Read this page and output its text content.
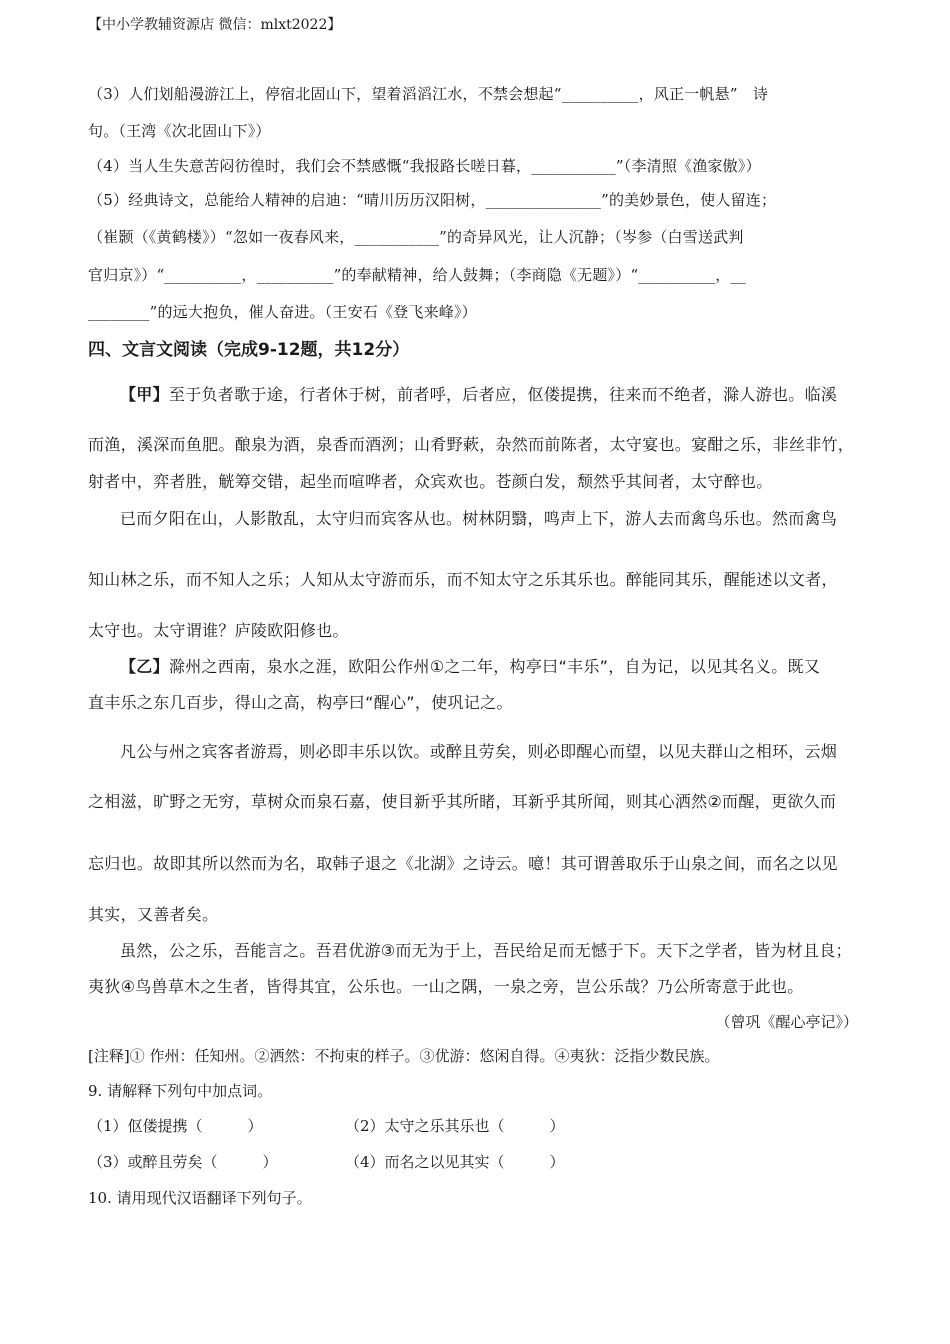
【中小学教辅资源店 微信：mlxt2022】

（3）人们划船漫游江上，停宿北固山下，望着滔滔江水，不禁会想起“__________，风正一帆悬”　诗

句。（王湾《次北固山下》）

（4）当人生失意苦闷彷徨时，我们会不禁感慨“我报路长嗟日暮，___________”（李清照《渔家傲》）

（5）经典诗文，总能给人精神的启迪：“晴川历历汉阳树，_______________”的美妙景色，使人留连；

（崔颢（《黄鹤楼》）“忽如一夜春风来，___________”的奇异风光，让人沉静；（岑参（白雪送武判

官归京》）“__________，__________”的奉献精神，给人鼓舞；（李商隐《无题》）“__________，__

________”的远大抱负，催人奋进。（王安石《登飞来峰》）

四、文言文阅读（完成9-12题，共12分）

【甲】至于负者歌于途，行者休于树，前者呼，后者应，伛偻提携，往来而不绝者，滁人游也。临溪

而渔，溪深而鱼肥。酿泉为酒，泉香而酒洌；山肴野蔌，杂然而前陈者，太守宴也。宴酣之乐，非丝非竹，

射者中，弈者胜，觥筹交错，起坐而喧哗者，众宾欢也。苍颜白发，颓然乎其间者，太守醉也。

已而夕阳在山，人影散乱，太守归而宾客从也。树林阴翳，鸣声上下，游人去而禽鸟乐也。然而禽鸟

知山林之乐，而不知人之乐；人知从太守游而乐，而不知太守之乐其乐也。醉能同其乐，醒能述以文者，

太守也。太守谓谁？庐陵欧阳修也。

【乙】滁州之西南，泉水之涯，欧阳公作州①之二年，构亭曰“丰乐”，自为记，以见其名义。既又

直丰乐之东几百步，得山之高，构亭曰“醒心”，使巩记之。

凡公与州之宾客者游焉，则必即丰乐以饮。或醉且劳矣，则必即醒心而望，以见夫群山之相环，云烟

之相滋，旷野之无穷，草树众而泉石嘉，使目新乎其所睹，耳新乎其所闻，则其心洒然②而醒，更欲久而

忘归也。故即其所以然而为名，取韩子退之《北湖》之诗云。噫！其可谓善取乐于山泉之间，而名之以见

其实，又善者矣。

虽然，公之乐，吾能言之。吾君优游③而无为于上，吾民给足而无憾于下。天下之学者，皆为材且良；

夷狄④鸟兽草木之生者，皆得其宜，公乐也。一山之隅，一泉之旁，岂公乐哉？乃公所寄意于此也。

（曾巩《醒心亭记》）

[注释]① 作州：任知州。②洒然：不拘束的样子。③优游：悠闲自得。④夷狄：泛指少数民族。

9. 请解释下列句中加点词。

（1）伛偻提携（　　　）	（2）太守之乐其乐也（　　　）

（3）或醉且劳矣（　　　）	（4）而名之以见其实（　　　）

10. 请用现代汉语翻译下列句子。
